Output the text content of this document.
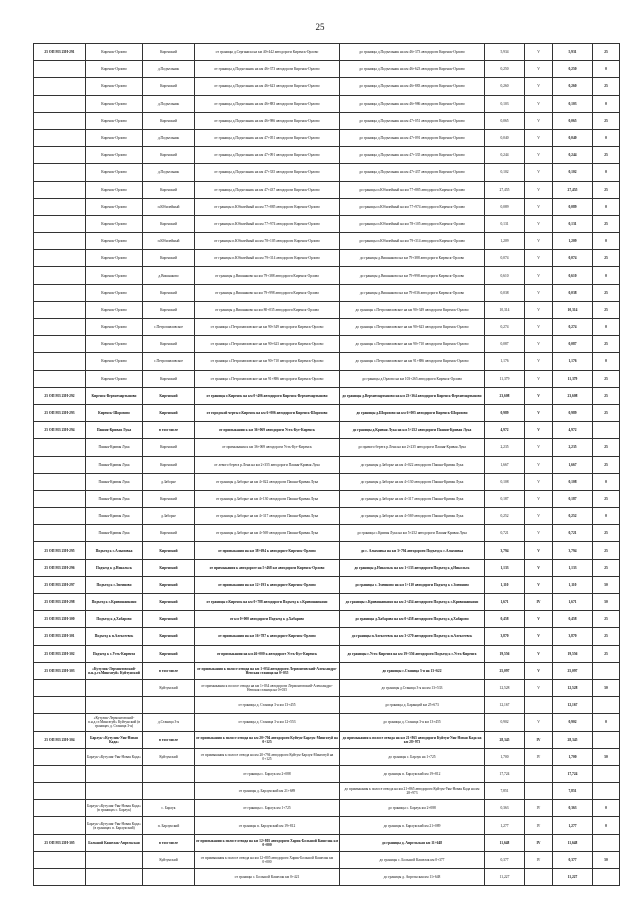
25
25 ОП МЗ 25Н-291	Киренск-Орлово	Киренский	от границы д.Серганиха на км 40+442 автодороги Киренск-Орлово	до границы д.Подъельник на км 46+373 автодороги Киренск-Орлово	5,934	V	5,931	25
	Киренск-Орлово	д.Подъельник	от границы д.Подъельник на км 46+373 автодороги Киренск-Орлово	до границы д.Подъельник на км 46+623 автодороги Киренск-Орлово	0,250	V	0,250	0
	Киренск-Орлово	Киренский	от границы д.Подъельник на км 46+623 автодороги Киренск-Орлово	до границы д.Подъельник на км 46+883 автодороги Киренск-Орлово	0,260	V	0,260	25
	Киренск-Орлово	д.Подъельник	от границы д.Подъельник на км 46+883 автодороги Киренск-Орлово	до границы д.Подъельник на км 46+986 автодороги Киренск-Орлово	0,103	V	0,103	0
	Киренск-Орлово	Киренский	от границы д.Подъельник на км 46+986 автодороги Киренск-Орлово	до границы д.Подъельник на км 47+051 автодороги Киренск-Орлово	0,065	V	0,065	25
	Киренск-Орлово	д.Подъельник	от границы д.Подъельник на км 47+051 автодороги Киренск-Орлово	до границы д.Подъельник на км 47+091 автодороги Киренск-Орлово	0,040	V	0,040	0
	Киренск-Орлово	Киренский	от границы д.Подъельник на км 47+091 автодороги Киренск-Орлово	до границы д.Подъельник на км 47+335 автодороги Киренск-Орлово	0,244	V	0,244	25
	Киренск-Орлово	д.Подъельник	от границы д.Подъельник на км 47+335 автодороги Киренск-Орлово	до границы д.Подъельник на км 47+437 автодороги Киренск-Орлово	0,102	V	0,102	0
	Киренск-Орлово	Киренский	от границы д.Подъельник на км 47+437 автодороги Киренск-Орлово	до границы п.Юбилейный на км 77+885 автодороги Киренск-Орлово	27,455	V	27,455	25
	Киренск-Орлово	п.Юбилейный	от границы п.Юбилейный на км 77+885 автодороги Киренск-Орлово	до границы п.Юбилейный на км 77+974 автодороги Киренск-Орлово	0,089	V	0,089	0
	Киренск-Орлово	Киренский	от границы п.Юбилейный на км 77+974 автодороги Киренск-Орлово	до границы п.Юбилейный на км 78+105 автодороги Киренск-Орлово	0,131	V	0,131	25
	Киренск-Орлово	п.Юбилейный	от границы п.Юбилейный на км 78+105 автодороги Киренск-Орлово	до границы п.Юбилейный на км 79+314 автодороги Киренск-Орлово	1,209	V	1,209	0
	Киренск-Орлово	Киренский	от границы п.Юбилейный на км 79+314 автодороги Киренск-Орлово	до границы д.Вишняково на км 79+388 автодороги Киренск-Орлово	0,074	V	0,074	25
	Киренск-Орлово	д.Вишняково	от границы д.Вишняково на км 79+388 автодороги Киренск-Орлово	до границы д.Вишняково на км 79+998 автодороги Киренск-Орлово	0,610	V	0,610	0
	Киренск-Орлово	Киренский	от границы д.Вишняково на км 79+998 автодороги Киренск-Орлово	до границы д.Вишняково на км 79+036 автодороги Киренск-Орлово	0,038	V	0,038	25
	Киренск-Орлово	Киренский	от границы д.Вишняково на км 80+035 автодороги Киренск-Орлово	до границы с.Петропавловское на км 90+349 автодороги Киренск-Орлово	10,314	V	10,314	25
	Киренск-Орлово	с.Петропавловское	от границы с.Петропавловское на км 90+349 автодороги Киренск-Орлово	до границы с.Петропавловское на км 90+623 автодороги Киренск-Орлово	0,274	V	0,274	0
	Киренск-Орлово	Киренский	от границы с.Петропавловское на км 90+623 автодороги Киренск-Орлово	до границы с.Петропавловское на км 90+710 автодороги Киренск-Орлово	0,087	V	0,087	25
	Киренск-Орлово	с.Петропавловское	от границы с.Петропавловское на км 90+710 автодороги Киренск-Орлово	до границы с.Петропавловское на км 91+886 автодороги Киренск-Орлово	1,176	V	1,176	0
	Киренск-Орлово	Киренский	от границы с.Петропавловское на км 91+886 автодороги Киренск-Орлово	до границы д.Орлово на км 103+265 автодороги Киренск-Орлово	11,379	V	11,379	25
25 ОП МЗ 25Н-292	Киренск-Верхнемартыново	Киренский	от границы г.Киренск на км 0+406 автодороги Киренск-Верхнемартыново	до границы д.Верхнемартыново на км 23+364 автодороги Киренск-Верхнемартыново	23,608	V	23,608	25
25 ОП МЗ 25Н-293	Киренск-Шорохово	Киренский	от городской черты г.Киренск на км 6+006 автодороги Киренск-Шорохово	до границы д.Шорохово на км 6+005 автодороги Киренск-Шорохово	0,989	V	0,989	25
25 ОП МЗ 25Н-294	Пашня-Кривая Лука	в том числе	от примыкания к км 36+069 автодороги Усть-Кут-Киренск	до границы д.Кривая Лука на км 5+252 автодороги Пашня-Кривая Лука	4,972	V	4,972	
	Пашня-Кривая Лука	Киренский	от примыкания к км 36+069 автодороги Усть-Кут-Киренск	до правого берега р.Лена на км 2+235 автодороги Пашня-Кривая Лука	2,235	V	2,235	25
	Пашня-Кривая Лука	Киренский	от левого берега р.Лена на км 2+355 автодороги Пашня-Кривая Лука	до границы д.Заборье на км 4+022 автодороги Пашня-Кривая Лука	1,667	V	1,667	25
	Пашня-Кривая Лука	д.Заборье	от границы д.Заборье на км 4+022 автодороги Пашня-Кривая Лука	до границы д.Заборье на км 4+130 автодороги Пашня-Кривая Лука	0,108	V	0,108	0
	Пашня-Кривая Лука	Киренский	от границы д.Заборье на км 4+130 автодороги Пашня-Кривая Лука	до границы д.Заборье на км 4+317 автодороги Пашня-Кривая Лука	0,187	V	0,187	25
	Пашня-Кривая Лука	д.Заборье	от границы д.Заборье на км 4+317 автодороги Пашня-Кривая Лука	до границы д.Заборье на км 4+569 автодороги Пашня-Кривая Лука	0,252	V	0,252	0
	Пашня-Кривая Лука	Киренский	от границы д.Заборье на км 4+569 автодороги Пашня-Кривая Лука	до границы с.Кривая Лука на км 5+252 автодороги Пашня-Кривая Лука	0,721	V	0,721	25
25 ОП МЗ 25Н-295	Подъезд к с.Алымовка	Киренский	от примыкания на км 38+694 к автодороге Киренск-Орлово	до с. Алымовка на км 3+794 автодороги Подъезд к с.Алымовка	3,794	V	3,794	25
25 ОП МЗ 25Н-296	Подъезд к д.Никольск	Киренский	от примыкания к автодороге на 5+468 км автодороги Киренск-Орлово	до границы д.Никольск на км 1+133 автодороги Подъезд к д.Никольск	1,133	V	1,133	25
25 ОП МЗ 25Н-297	Подъезд к с.Змеиново	Киренский	от примыкания на км 12+193 к автодороге Киренск-Орлово	до границы с. Змеиново на км 1+110 автодороги Подъезд к с.Змеиново	1,110	V	1,110	50
25 ОП МЗ 25Н-298	Подъезд к с.Кривошапкино	Киренский	от границы г.Киренск на км 0+788 автодороги Подъезд к с.Кривошапкино	до границы с.Кривошапкино на км 2+454 автодороги Подъезд к с.Кривошапкино	1,671	IV	1,671	50
25 ОП МЗ 25Н-300	Подъезд к д.Хабарово	Киренский	от км 0+000 автодороги Подъезд к д.Хабарово	до границы д.Хабарово на км 0+458 автодороги Подъезд к д.Хабарово	0,458	V	0,458	25
25 ОП МЗ 25Н-301	Подъезд к п.Алексеевск	Киренский	от примыкания на км 16+787 к автодороге Киренск-Орлово	до границы п.Алексеевск на км 3+270 автодороги Подъезд к п.Алексеевск	3,870	V	3,870	25
25 ОП МЗ 25Н-302	Подъезд к с.Усть-Кирента	Киренский	от примыкания на км 46+000 к автодороге Усть-Кут-Киренск	до границы с.Усть-Киренга на км 19+556 автодороги Подъезд к с.Усть-Киренга	19,556	V	19,556	25
25 ОП МЗ 25Н-303	«Кутулик-Лермонтовский-п.н.д.ст.Мингатуй» Куйтунский	в том числе	от примыкания к полосе отвода на км 1+034 автодороги Лермонтовский-Александро-Невская станица на 0+035	до границы с.Станица 3-я на 13+622	25,097	V	25,097	
		Куйтунский	от примыкания к полосе отвода на км 1+034 автодороги Лермонтовский-Александро-Невская станица на 0+035	до границы д.Станица 3-я на км 13+533	12,528	V	12,528	50
			от границы д. Станица 3-я км 13+455	до границы д. Баранций км 25+673	12,167		12,167	
	«Кутулик-Лермонтовский-п.н.д.ст.Мингатуй» Куйтунский (в границах д. Станица 3-я)	д.Станица 3-я	от границы д. Станица 3-я км 12+553	до границы д. Станица 3-я км 13+455	0,902	V	0,902	0
25 ОП МЗ 25Н-304	Барлук-«Кутулик-Уян-Новая Када»	в том числе	от примыкания к полосе отвода на км 20+794 автодороги Куйтун-Барлук-Мингатуй на 0+125	до примыкания к полосе отвода на км 21+865 автодороги Куйтун-Уян-Новая Када на км 28+973	28,345	IV	28,345	
	Барлук-«Кутулик-Уян-Новая Када»	Куйтунский	от примыкания к полосе отвода на км 20+794 автодороги Куйтун-Барлук-Мингатуй на 0+125	до границы с. Барлук на 1+725	1,700	IV	1,700	50
			от границы с. Барлук км 2+088	до границы п. Барлукский км 19+812	17,724		17,724	
			от границы д. Барлукский км 21+689	до примыкания к полосе отвода на км 21+865 автодороги Куйтун-Уян-Новая Када на км 28+973	7,851		7,851	
	Барлук-«Кутулик-Уян-Новая Када» (в границах с. Барлук)	с. Барлук	от границы с. Барлук км 1+725	до границы с. Барлук км 2+088	0,363	IV	0,363	0
	Барлук-«Кутулик-Уян-Новая Када» (в границах п. Барлукский)	п. Барлукский	от границы п. Барлукский км 19+812	до границы п. Барлукский км 21+089	1,277	IV	1,277	0
25 ОП МЗ 25Н-305	Большой Кашелак-Апрельская	в том числе	от примыкания к полосе отвода на км 12+805 автодороги Харик-Большой Кашелак км 0+000	до границы д. Апрельская км 11+648	11,648	IV	11,648	
		Куйтунский	от примыкания к полосе отвода на км 12+805 автодороги Харик-Большой Кашелак км 0+000	до границы с. Большой Кашелак км 0+377	0,377	IV	0,377	50
			от границы с. Большой Кашелак км 0+421	до границы д. Апрельская км 11+648	11,227		11,227	
